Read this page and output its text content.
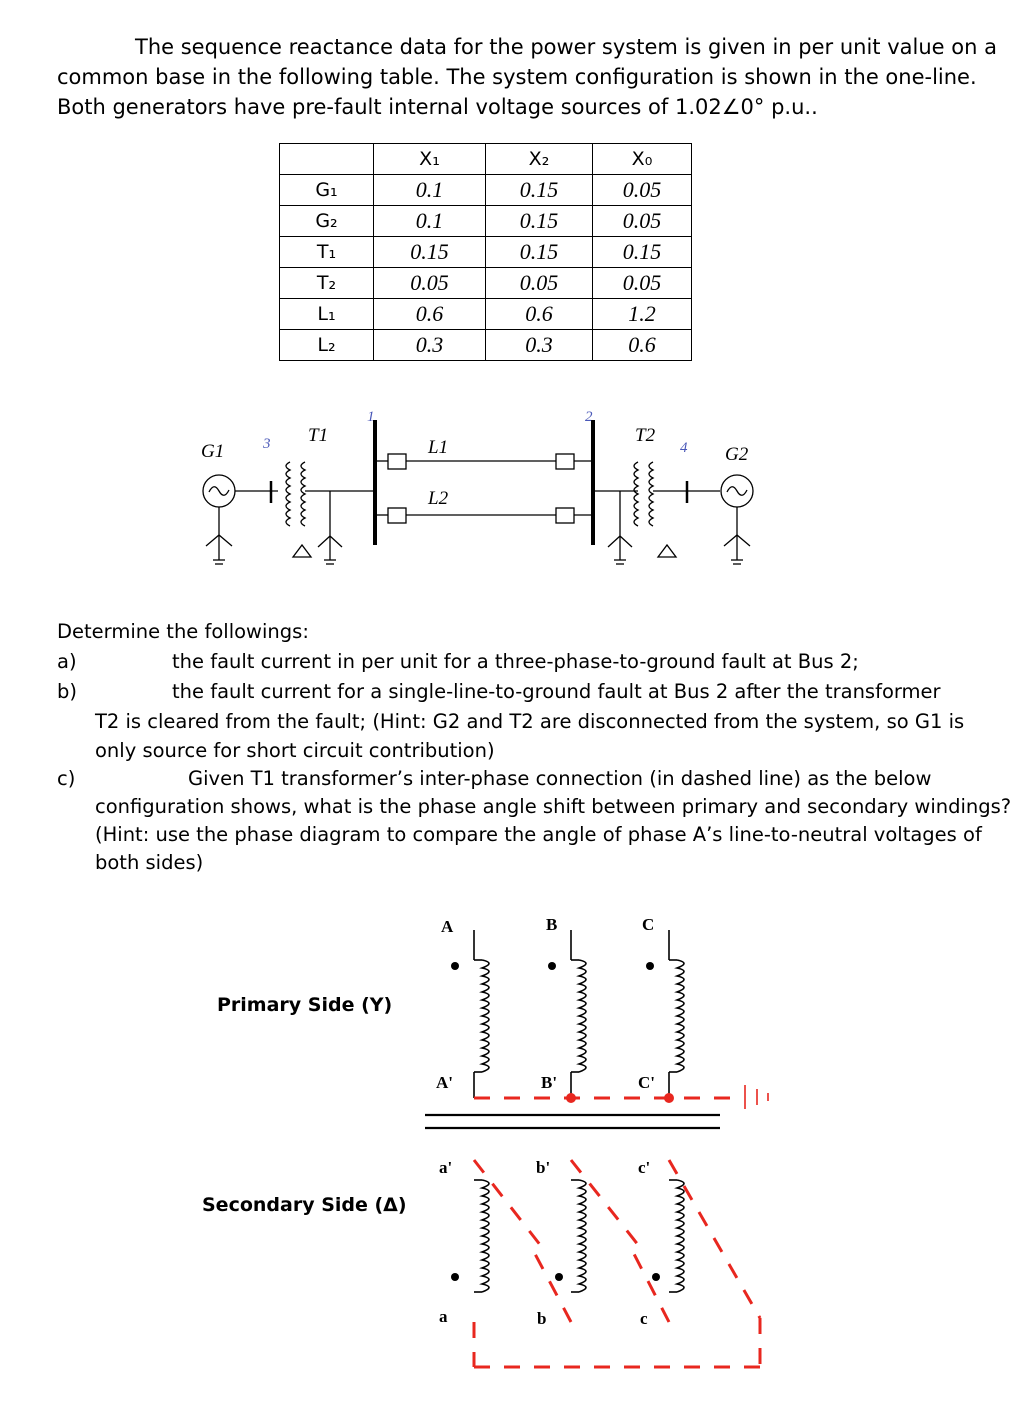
The sequence reactance data for the power system is given in per unit value on a
common base in the following table. The system configuration is shown in the one-line.
Both generators have pre-fault internal voltage sources of 1.02∠0° p.u..
	X₁	X₂	X₀
G₁	0.1	0.15	0.05
G₂	0.1	0.15	0.05
T₁	0.15	0.15	0.15
T₂	0.05	0.05	0.05
L₁	0.6	0.6	1.2
L₂	0.3	0.3	0.6
G1
T1
L1
L2
T2
G2
1	2
3	4
Determine the followings:
a)	the fault current in per unit for a three-phase-to-ground fault at Bus 2;
b)	the fault current for a single-line-to-ground fault at Bus 2 after the transformer
T2 is cleared from the fault; (Hint: G2 and T2 are disconnected from the system, so G1 is
only source for short circuit contribution)
c)	Given T1 transformer’s inter-phase connection (in dashed line) as the below
configuration shows, what is the phase angle shift between primary and secondary windings?
(Hint: use the phase diagram to compare the angle of phase A’s line-to-neutral voltages of
both sides)
Primary Side (Y)
Secondary Side (Δ)
A	B	C
A'	B'	C'
a'	b'	c'
a	b	c
